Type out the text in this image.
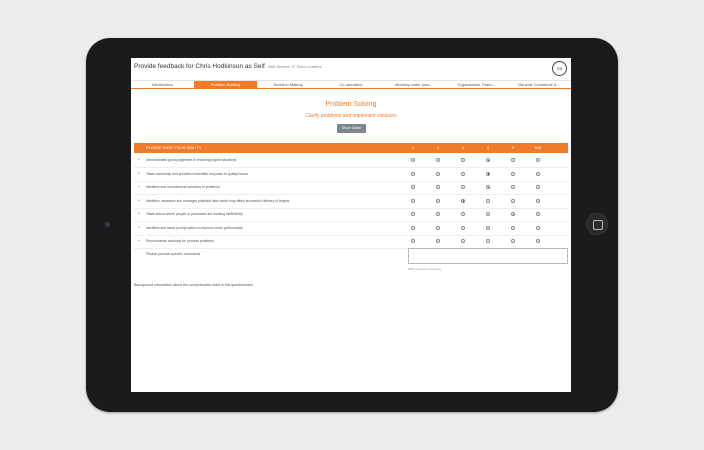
Provide feedback for Chris Hodkinson as Self Skill Review: IT Team Leaders	2/8
Introduction	Problem Solving	Decision Making	Co-operation	Working under pres...	Organisation, Plann...	General Comments & ...
Problem Solving
Clarify problems and implement solutions
Show Guide
PLEASE RATE YOUR ABILITY	1	2	3	4	5	N/A
• Demonstrates good judgement in resolving urgent situations
• Takes ownership and provides immediate response to quality issues
• Identifies and recommends solutions to problems
• Identifies, assesses and manages potential risks which may affect successful delivery of targets
• Takes action where people or processes are working inefficiently
• Identifies and takes prompt action to improve under performance
• Recommends solutions for process problems
Please provide specific comments
4000 characters remaining
Background information about the competencies used in this questionnaire
